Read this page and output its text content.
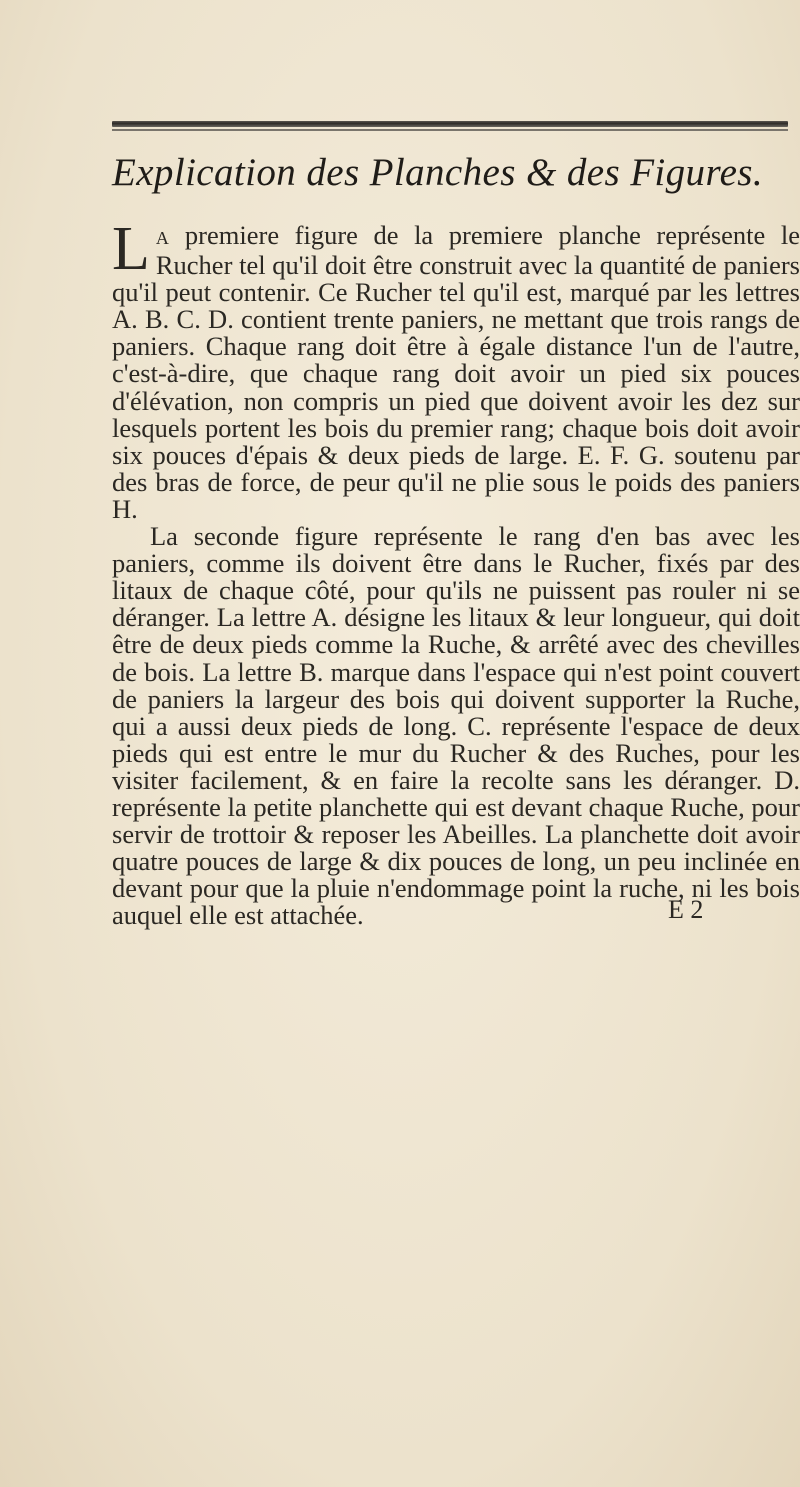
Explication des Planches & des Figures.

L A premiere figure de la premiere planche représente le Rucher tel qu'il doit être construit avec la quantité de paniers qu'il peut contenir. Ce Rucher tel qu'il est, marqué par les lettres A. B. C. D. contient trente paniers, ne mettant que trois rangs de paniers. Chaque rang doit être à égale distance l'un de l'autre, c'est-à-dire, que chaque rang doit avoir un pied six pouces d'élévation, non compris un pied que doivent avoir les dez sur lesquels portent les bois du premier rang; chaque bois doit avoir six pouces d'épais & deux pieds de large. E. F. G. soutenu par des bras de force, de peur qu'il ne plie sous le poids des paniers H.

La seconde figure représente le rang d'en bas avec les paniers, comme ils doivent être dans le Rucher, fixés par des litaux de chaque côté, pour qu'ils ne puissent pas rouler ni se déranger. La lettre A. désigne les litaux & leur longueur, qui doit être de deux pieds comme la Ruche, & arrêté avec des chevilles de bois. La lettre B. marque dans l'espace qui n'est point couvert de paniers la largeur des bois qui doivent supporter la Ruche, qui a aussi deux pieds de long. C. représente l'espace de deux pieds qui est entre le mur du Rucher & des Ruches, pour les visiter facilement, & en faire la recolte sans les déranger. D. représente la petite planchette qui est devant chaque Ruche, pour servir de trottoir & reposer les Abeilles. La planchette doit avoir quatre pouces de large & dix pouces de long, un peu inclinée en devant pour que la pluie n'endommage point la ruche, ni les bois auquel elle est attachée.	E 2
